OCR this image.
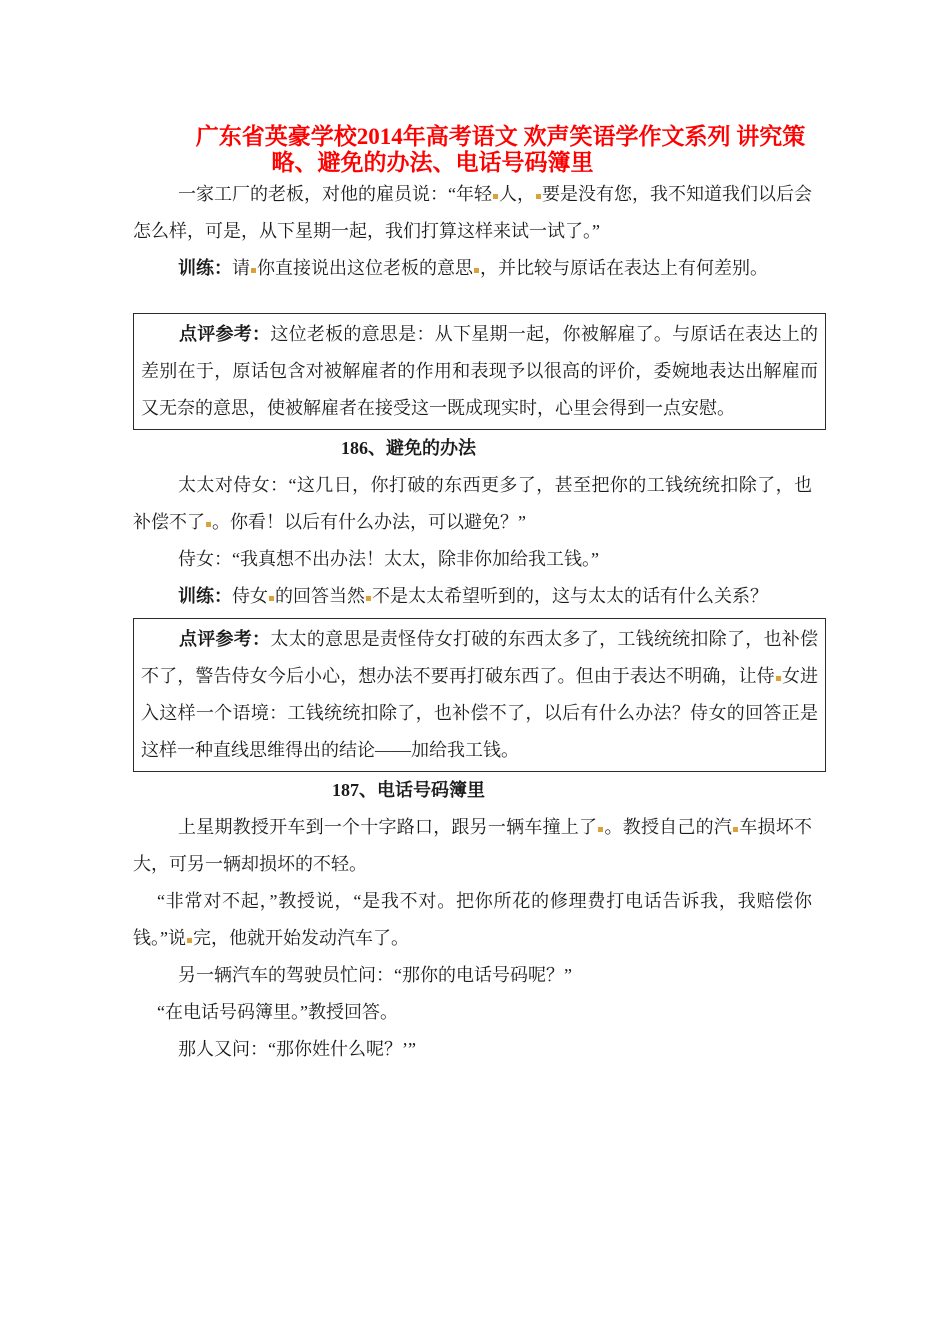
广东省英豪学校2014年高考语文 欢声笑语学作文系列 讲究策
略、避免的办法、电话号码簿里

一家工厂的老板，对他的雇员说：“年轻 人， 要是没有您，我不知道我们以后会怎么样，可是，从下星期一起，我们打算这样来试一试了。”

训练：请 你直接说出这位老板的意思 ，并比较与原话在表达上有何差别。

点评参考：这位老板的意思是：从下星期一起，你被解雇了。与原话在表达上的差别在于，原话包含对被解雇者的作用和表现予以很高的评价，委婉地表达出解雇而又无奈的意思，使被解雇者在接受这一既成现实时，心里会得到一点安慰。

186、避免的办法

太太对侍女：“这几日，你打破的东西更多了，甚至把你的工钱统统扣除了，也补偿不了 。你看！以后有什么办法，可以避免？”

侍女：“我真想不出办法！太太，除非你加给我工钱。”

训练：侍女 的回答当然 不是太太希望听到的，这与太太的话有什么关系？

点评参考：太太的意思是责怪侍女打破的东西太多了，工钱统统扣除了，也补偿不了，警告侍女今后小心，想办法不要再打破东西了。但由于表达不明确，让侍 女进入这样一个语境：工钱统统扣除了，也补偿不了，以后有什么办法？侍女的回答正是这样一种直线思维得出的结论——加给我工钱。

187、电话号码簿里

上星期教授开车到一个十字路口，跟另一辆车撞上了 。教授自己的汽 车损坏不大，可另一辆却损坏的不轻。

“非常对不起，”教授说，“是我不对。把你所花的修理费打电话告诉我，我赔偿你钱。”说 完，他就开始发动汽车了。

另一辆汽车的驾驶员忙问：“那你的电话号码呢？”

“在电话号码簿里。”教授回答。

那人又问：“那你姓什么呢？’”
